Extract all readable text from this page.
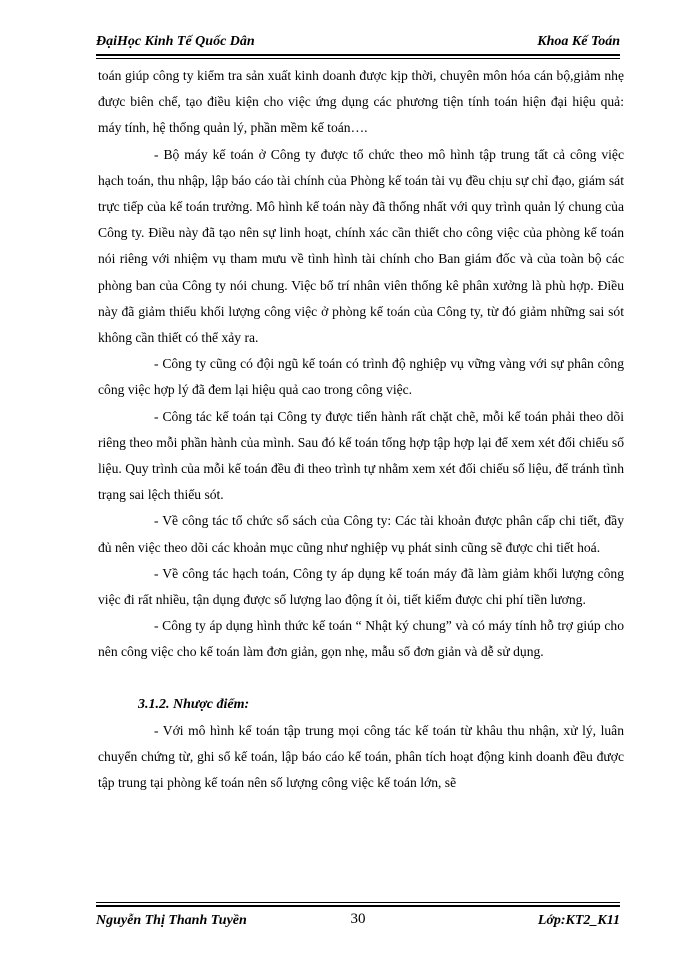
ĐạiHọc Kinh Tế Quốc Dân	Khoa Kế Toán

toán giúp công ty kiểm tra sản xuất kinh doanh được kịp thời, chuyên môn hóa cán bộ,giảm nhẹ được biên chế, tạo điều kiện cho việc ứng dụng các phương tiện tính toán hiện đại hiệu quả: máy tính, hệ thống quản lý, phần mềm kế toán….

- Bộ máy kế toán ở Công ty được tổ chức theo mô hình tập trung tất cả công việc hạch toán, thu nhập, lập báo cáo tài chính của Phòng kế toán tài vụ đều chịu sự chỉ đạo, giám sát trực tiếp của kế toán trưởng. Mô hình kế toán này đã thống nhất với quy trình quản lý chung của Công ty. Điều này đã tạo nên sự linh hoạt, chính xác cần thiết cho công việc của phòng kế toán nói riêng với nhiệm vụ tham mưu về tình hình tài chính cho Ban giám đốc và của toàn bộ các phòng ban của Công ty nói chung. Việc bố trí nhân viên thống kê phân xưởng là phù hợp. Điều này đã giảm thiểu khối lượng công việc ở phòng kế toán của Công ty, từ đó giảm những sai sót không cần thiết có thể xảy ra.

- Công ty cũng có đội ngũ kế toán có trình độ nghiệp vụ vững vàng với sự phân công công việc hợp lý đã đem lại hiệu quả cao trong công việc.

- Công tác kế toán tại Công ty được tiến hành rất chặt chẽ, mỗi kế toán phải theo dõi riêng theo mỗi phần hành của mình. Sau đó kế toán tổng hợp tập hợp lại để xem xét đối chiếu số liệu. Quy trình của mỗi kế toán đều đi theo trình tự nhằm xem xét đối chiếu số liệu, để tránh tình trạng sai lệch thiếu sót.

- Về công tác tổ chức sổ sách của Công ty: Các tài khoản được phân cấp chi tiết, đầy đủ nên việc theo dõi các khoản mục cũng như nghiệp vụ phát sinh cũng sẽ được chi tiết hoá.

- Về công tác hạch toán, Công ty áp dụng kế toán máy đã làm giảm khối lượng công việc đi rất nhiều, tận dụng được số lượng lao động ít ỏi, tiết kiểm được chi phí tiền lương.

- Công ty áp dụng hình thức kế toán “ Nhật ký chung” và có máy tính hỗ trợ giúp cho nên công việc cho kế toán làm đơn giản, gọn nhẹ, mẫu sổ đơn giản và dễ sử dụng.

3.1.2. Nhược điểm:

- Với mô hình kế toán tập trung mọi công tác kế toán từ khâu thu nhận, xử lý, luân chuyển chứng từ, ghi sổ kế toán, lập báo cáo kế toán, phân tích hoạt động kinh doanh đều được tập trung tại phòng kế toán nên số lượng công việc kế toán lớn, sẽ

Nguyễn Thị Thanh Tuyền	30	Lớp:KT2_K11
